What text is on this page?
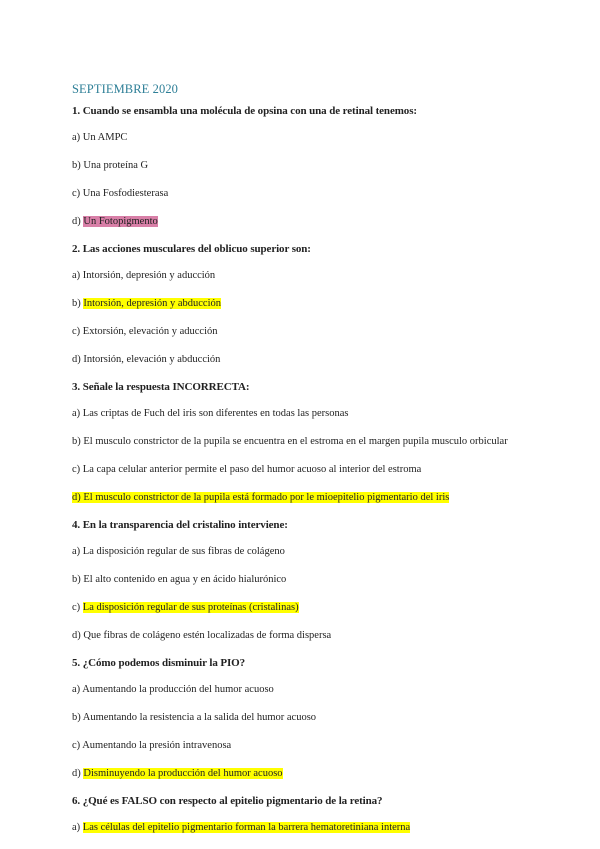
SEPTIEMBRE 2020
1. Cuando se ensambla una molécula de opsina con una de retinal tenemos:
a) Un AMPC
b) Una proteína G
c) Una Fosfodiesterasa
d) Un Fotopigmento
2. Las acciones musculares del oblicuo superior son:
a) Intorsión, depresión y aducción
b) Intorsión, depresión y abducción
c) Extorsión, elevación y aducción
d) Intorsión, elevación y abducción
3. Señale la respuesta INCORRECTA:
a) Las criptas de Fuch del iris son diferentes en todas las personas
b) El musculo constrictor de la pupila se encuentra en el estroma en el margen pupila musculo orbicular
c) La capa celular anterior permite el paso del humor acuoso al interior del estroma
d) El musculo constrictor de la pupila está formado por le mioepitelio pigmentario del iris
4. En la transparencia del cristalino interviene:
a) La disposición regular de sus fibras de colágeno
b) El alto contenido en agua y en ácido hialurónico
c) La disposición regular de sus proteínas (cristalinas)
d) Que fibras de colágeno estén localizadas de forma dispersa
5. ¿Cómo podemos disminuir la PIO?
a) Aumentando la producción del humor acuoso
b) Aumentando la resistencia a la salida del humor acuoso
c) Aumentando la presión intravenosa
d) Disminuyendo la producción del humor acuoso
6. ¿Qué es FALSO con respecto al epitelio pigmentario de la retina?
a) Las células del epitelio pigmentario forman la barrera hematoretiniana interna
